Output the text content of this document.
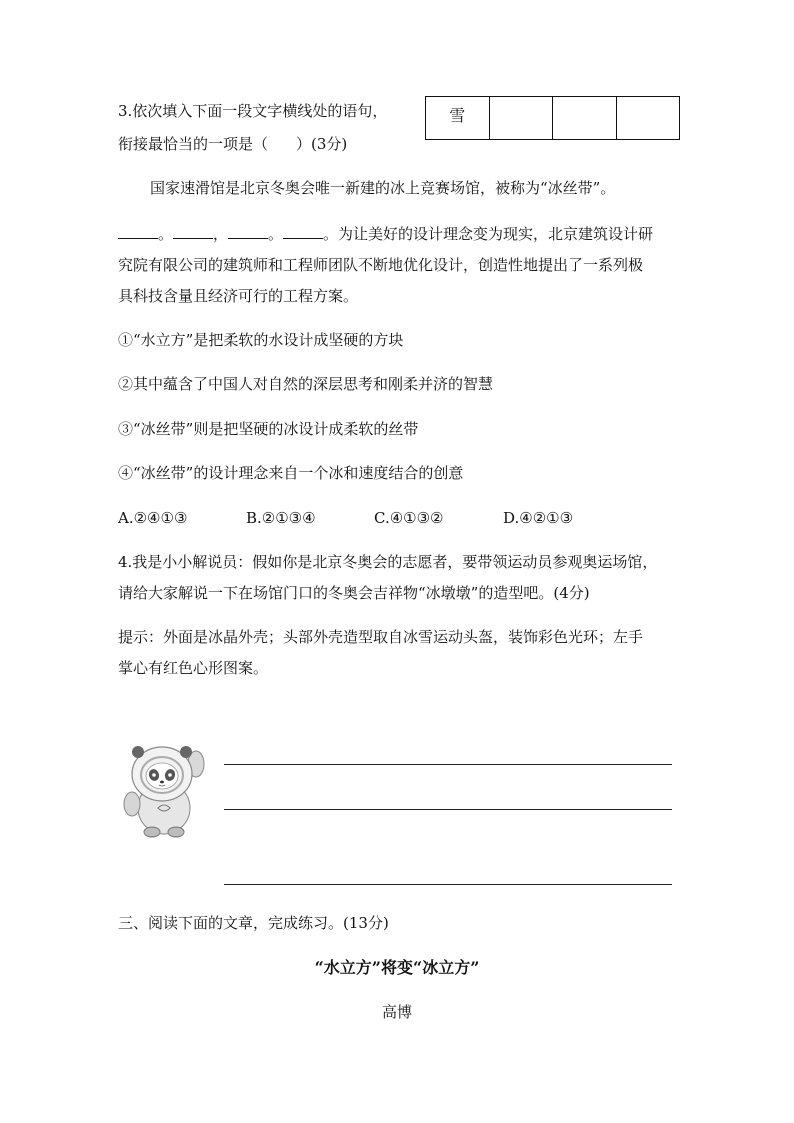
3.依次填入下面一段文字横线处的语句，
衔接最恰当的一项是（ ）(3分)
雪
国家速滑馆是北京冬奥会唯一新建的冰上竞赛场馆，被称为“冰丝带”。
。	，	。	。为让美好的设计理念变为现实，北京建筑设计研
究院有限公司的建筑师和工程师团队不断地优化设计，创造性地提出了一系列极
具科技含量且经济可行的工程方案。
①“水立方”是把柔软的水设计成坚硬的方块
②其中蕴含了中国人对自然的深层思考和刚柔并济的智慧
③“冰丝带”则是把坚硬的冰设计成柔软的丝带
④“冰丝带”的设计理念来自一个冰和速度结合的创意
A.②④①③	B.②①③④	C.④①③②	D.④②①③
4.我是小小解说员：假如你是北京冬奥会的志愿者，要带领运动员参观奥运场馆，
请给大家解说一下在场馆门口的冬奥会吉祥物“冰墩墩”的造型吧。(4分)
提示：外面是冰晶外壳；头部外壳造型取自冰雪运动头盔，装饰彩色光环；左手
掌心有红色心形图案。
三、阅读下面的文章，完成练习。(13分)
“水立方”将变“冰立方”
高博
